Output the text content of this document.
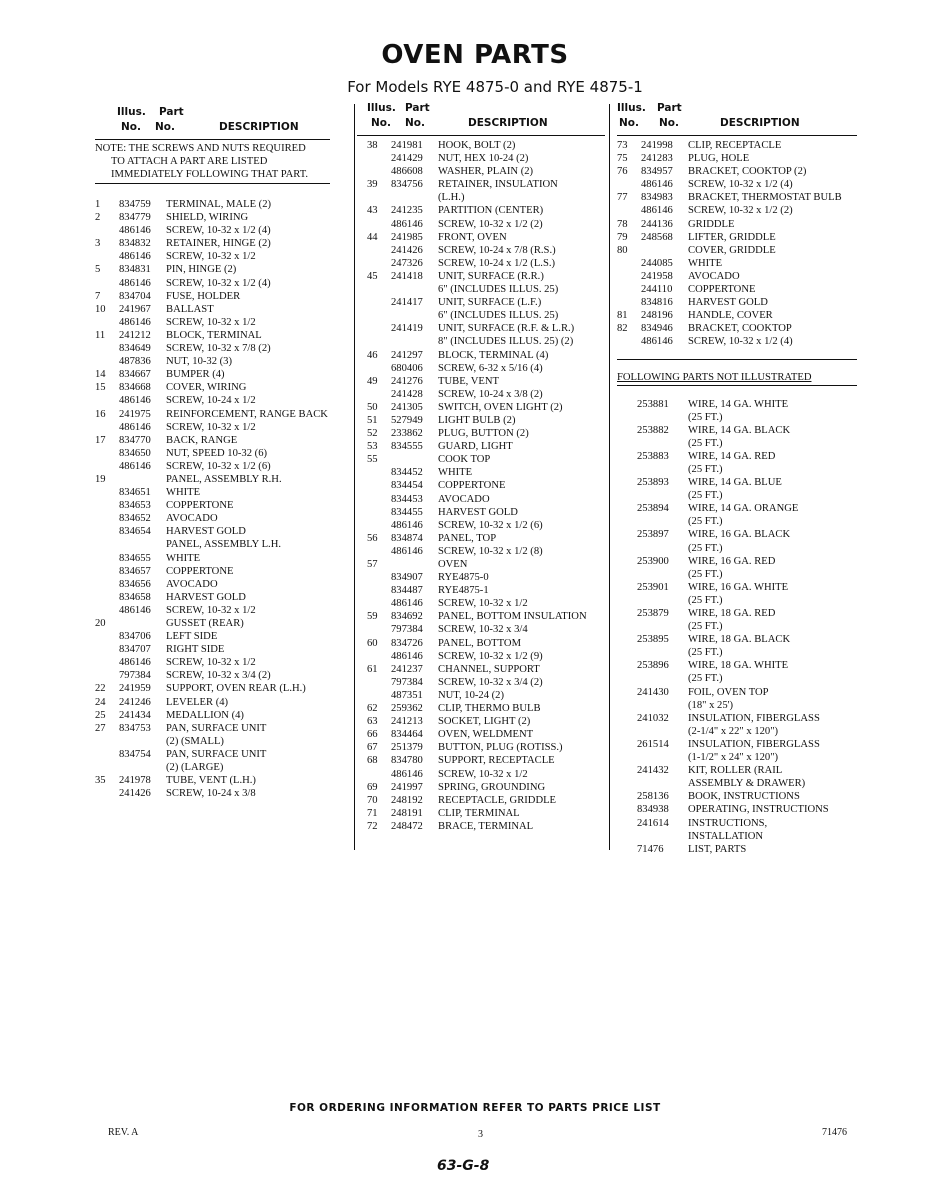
OVEN PARTS
For Models RYE 4875-0 and RYE 4875-1
Illus. Part
No. No.	DESCRIPTION
NOTE: THE SCREWS AND NUTS REQUIRED
TO ATTACH A PART ARE LISTED
IMMEDIATELY FOLLOWING THAT PART.
1	834759	TERMINAL, MALE (2)
2	834779	SHIELD, WIRING
486146	SCREW, 10-32 x 1/2 (4)
3	834832	RETAINER, HINGE (2)
486146	SCREW, 10-32 x 1/2
5	834831	PIN, HINGE (2)
486146	SCREW, 10-32 x 1/2 (4)
7	834704	FUSE, HOLDER
10	241967	BALLAST
486146	SCREW, 10-32 x 1/2
11	241212	BLOCK, TERMINAL
834649	SCREW, 10-32 x 7/8 (2)
487836	NUT, 10-32 (3)
14	834667	BUMPER (4)
15	834668	COVER, WIRING
486146	SCREW, 10-24 x 1/2
16	241975	REINFORCEMENT, RANGE BACK
486146	SCREW, 10-32 x 1/2
17	834770	BACK, RANGE
834650	NUT, SPEED 10-32 (6)
486146	SCREW, 10-32 x 1/2 (6)
19	PANEL, ASSEMBLY R.H.
834651	WHITE
834653	COPPERTONE
834652	AVOCADO
834654	HARVEST GOLD
PANEL, ASSEMBLY L.H.
834655	WHITE
834657	COPPERTONE
834656	AVOCADO
834658	HARVEST GOLD
486146	SCREW, 10-32 x 1/2
20	GUSSET (REAR)
834706	LEFT SIDE
834707	RIGHT SIDE
486146	SCREW, 10-32 x 1/2
797384	SCREW, 10-32 x 3/4 (2)
22	241959	SUPPORT, OVEN REAR (L.H.)
24	241246	LEVELER (4)
25	241434	MEDALLION (4)
27	834753	PAN, SURFACE UNIT
(2) (SMALL)
834754	PAN, SURFACE UNIT
(2) (LARGE)
35	241978	TUBE, VENT (L.H.)
241426	SCREW, 10-24 x 3/8
Illus. Part
No. No.	DESCRIPTION
38	241981	HOOK, BOLT (2)
241429	NUT, HEX 10-24 (2)
486608	WASHER, PLAIN (2)
39	834756	RETAINER, INSULATION
(L.H.)
43	241235	PARTITION (CENTER)
486146	SCREW, 10-32 x 1/2 (2)
44	241985	FRONT, OVEN
241426	SCREW, 10-24 x 7/8 (R.S.)
247326	SCREW, 10-24 x 1/2 (L.S.)
45	241418	UNIT, SURFACE (R.R.)
6" (INCLUDES ILLUS. 25)
241417	UNIT, SURFACE (L.F.)
6" (INCLUDES ILLUS. 25)
241419	UNIT, SURFACE (R.F. & L.R.)
8" (INCLUDES ILLUS. 25) (2)
46	241297	BLOCK, TERMINAL (4)
680406	SCREW, 6-32 x 5/16 (4)
49	241276	TUBE, VENT
241428	SCREW, 10-24 x 3/8 (2)
50	241305	SWITCH, OVEN LIGHT (2)
51	527949	LIGHT BULB (2)
52	233862	PLUG, BUTTON (2)
53	834555	GUARD, LIGHT
55	COOK TOP
834452	WHITE
834454	COPPERTONE
834453	AVOCADO
834455	HARVEST GOLD
486146	SCREW, 10-32 x 1/2 (6)
56	834874	PANEL, TOP
486146	SCREW, 10-32 x 1/2 (8)
57	OVEN
834907	RYE4875-0
834487	RYE4875-1
486146	SCREW, 10-32 x 1/2
59	834692	PANEL, BOTTOM INSULATION
797384	SCREW, 10-32 x 3/4
60	834726	PANEL, BOTTOM
486146	SCREW, 10-32 x 1/2 (9)
61	241237	CHANNEL, SUPPORT
797384	SCREW, 10-32 x 3/4 (2)
487351	NUT, 10-24 (2)
62	259362	CLIP, THERMO BULB
63	241213	SOCKET, LIGHT (2)
66	834464	OVEN, WELDMENT
67	251379	BUTTON, PLUG (ROTISS.)
68	834780	SUPPORT, RECEPTACLE
486146	SCREW, 10-32 x 1/2
69	241997	SPRING, GROUNDING
70	248192	RECEPTACLE, GRIDDLE
71	248191	CLIP, TERMINAL
72	248472	BRACE, TERMINAL
Illus. Part
No. No.	DESCRIPTION
73	241998	CLIP, RECEPTACLE
75	241283	PLUG, HOLE
76	834957	BRACKET, COOKTOP (2)
486146	SCREW, 10-32 x 1/2 (4)
77	834983	BRACKET, THERMOSTAT BULB
486146	SCREW, 10-32 x 1/2 (2)
78	244136	GRIDDLE
79	248568	LIFTER, GRIDDLE
80	COVER, GRIDDLE
244085	WHITE
241958	AVOCADO
244110	COPPERTONE
834816	HARVEST GOLD
81	248196	HANDLE, COVER
82	834946	BRACKET, COOKTOP
486146	SCREW, 10-32 x 1/2 (4)
FOLLOWING PARTS NOT ILLUSTRATED
253881	WIRE, 14 GA. WHITE
(25 FT.)
253882	WIRE, 14 GA. BLACK
(25 FT.)
253883	WIRE, 14 GA. RED
(25 FT.)
253893	WIRE, 14 GA. BLUE
(25 FT.)
253894	WIRE, 14 GA. ORANGE
(25 FT.)
253897	WIRE, 16 GA. BLACK
(25 FT.)
253900	WIRE, 16 GA. RED
(25 FT.)
253901	WIRE, 16 GA. WHITE
(25 FT.)
253879	WIRE, 18 GA. RED
(25 FT.)
253895	WIRE, 18 GA. BLACK
(25 FT.)
253896	WIRE, 18 GA. WHITE
(25 FT.)
241430	FOIL, OVEN TOP
(18" x 25')
241032	INSULATION, FIBERGLASS
(2-1/4" x 22" x 120")
261514	INSULATION, FIBERGLASS
(1-1/2" x 24" x 120")
241432	KIT, ROLLER (RAIL
ASSEMBLY & DRAWER)
258136	BOOK, INSTRUCTIONS
834938	OPERATING, INSTRUCTIONS
241614	INSTRUCTIONS,
INSTALLATION
71476	LIST, PARTS
FOR ORDERING INFORMATION REFER TO PARTS PRICE LIST
REV. A	3	71476
63-G-8
